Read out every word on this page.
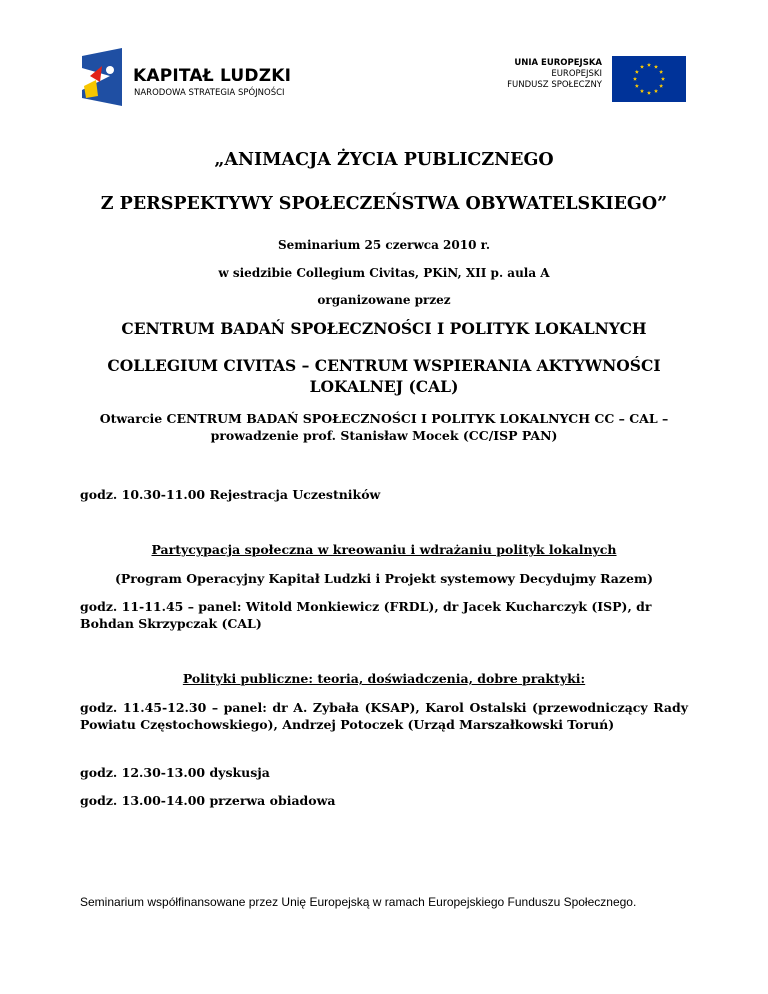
KAPITAŁ LUDZKI
NARODOWA STRATEGIA SPÓJNOŚCI
UNIA EUROPEJSKA
EUROPEJSKI
FUNDUSZ SPOŁECZNY
„ANIMACJA ŻYCIA PUBLICZNEGO
Z PERSPEKTYWY SPOŁECZEŃSTWA OBYWATELSKIEGO”
Seminarium 25 czerwca 2010 r.
w siedzibie Collegium Civitas, PKiN, XII p. aula A
organizowane przez
CENTRUM BADAŃ SPOŁECZNOŚCI I POLITYK LOKALNYCH
COLLEGIUM CIVITAS – CENTRUM WSPIERANIA AKTYWNOŚCI
LOKALNEJ (CAL)
Otwarcie CENTRUM BADAŃ SPOŁECZNOŚCI I POLITYK LOKALNYCH CC – CAL –
prowadzenie prof. Stanisław Mocek (CC/ISP PAN)
godz. 10.30-11.00 Rejestracja Uczestników
Partycypacja społeczna w kreowaniu i wdrażaniu polityk lokalnych
(Program Operacyjny Kapitał Ludzki i Projekt systemowy Decydujmy Razem)
godz. 11-11.45 – panel: Witold Monkiewicz (FRDL), dr Jacek Kucharczyk (ISP), dr Bohdan Skrzypczak (CAL)
Polityki publiczne: teoria, doświadczenia, dobre praktyki:
godz. 11.45-12.30 – panel: dr A. Zybała (KSAP), Karol Ostalski (przewodniczący Rady Powiatu Częstochowskiego), Andrzej Potoczek (Urząd Marszałkowski Toruń)
godz. 12.30-13.00 dyskusja
godz. 13.00-14.00 przerwa obiadowa
Seminarium współfinansowane przez Unię Europejską w ramach Europejskiego Funduszu Społecznego.
